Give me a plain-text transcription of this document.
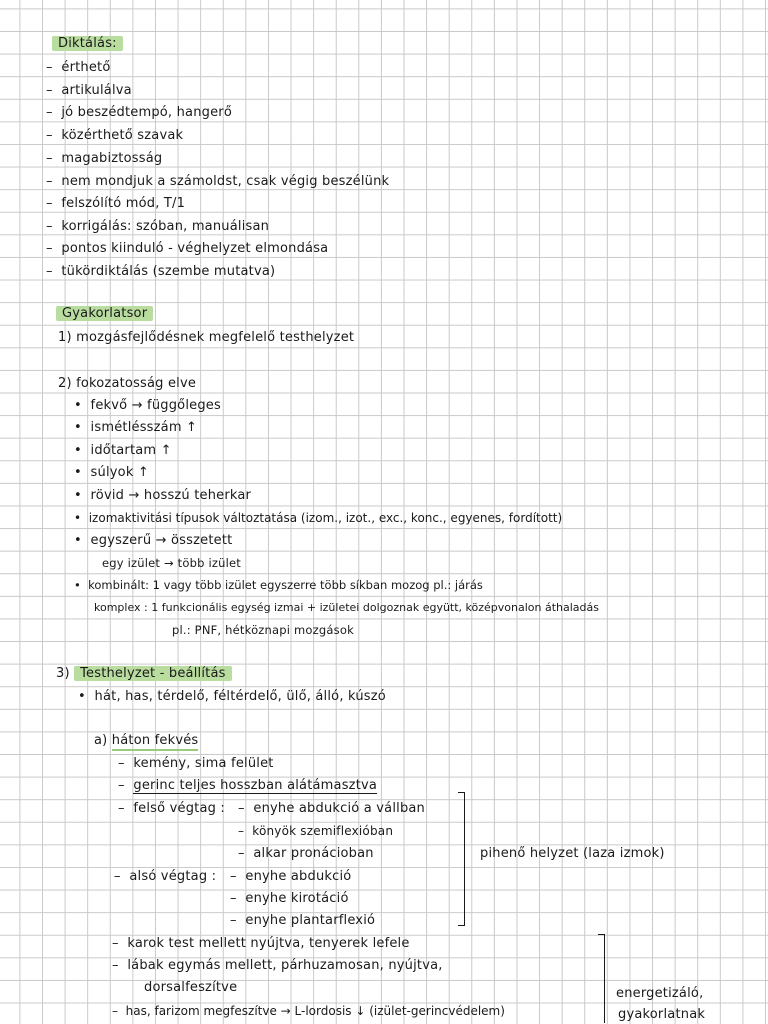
Diktálás:
–  érthető
–  artikulálva
–  jó beszédtempó, hangerő
–  közérthető szavak
–  magabiztosság
–  nem mondjuk a számoldst, csak végig beszélünk
–  felszólító mód, T/1
–  korrigálás: szóban, manuálisan
–  pontos kiinduló - véghelyzet elmondása
–  tükördiktálás (szembe mutatva)
Gyakorlatsor
1) mozgásfejlődésnek megfelelő testhelyzet
2) fokozatosság elve
•  fekvő → függőleges
•  ismétlésszám ↑
•  időtartam ↑
•  súlyok ↑
•  rövid → hosszú teherkar
•  izomaktivitási típusok változtatása (izom., izot., exc., konc., egyenes, fordított)
•  egyszerű → összetett
egy izület → több izület
•  kombinált: 1 vagy több izület egyszerre több síkban mozog pl.: járás
komplex : 1 funkcionális egység izmai + izületei dolgoznak együtt, középvonalon áthaladás
pl.: PNF, hétköznapi mozgások
3) Testhelyzet - beállítás
•  hát, has, térdelő, féltérdelő, ülő, álló, kúszó
a) háton fekvés
–  kemény, sima felület
–  gerinc teljes hosszban alátámasztva
–  felső végtag : –  enyhe abdukció a vállban
–  könyök szemiflexióban
–  alkar pronácioban
–  alsó végtag : –  enyhe abdukció
–  enyhe kirotáció
–  enyhe plantarflexió
pihenő helyzet (laza izmok)
–  karok test mellett nyújtva, tenyerek lefele
–  lábak egymás mellett, párhuzamosan, nyújtva,
dorsalfeszítve
–  has, farizom megfeszítve → L-lordosis ↓ (izület-gerincvédelem)
energetizáló,
gyakorlatnak
